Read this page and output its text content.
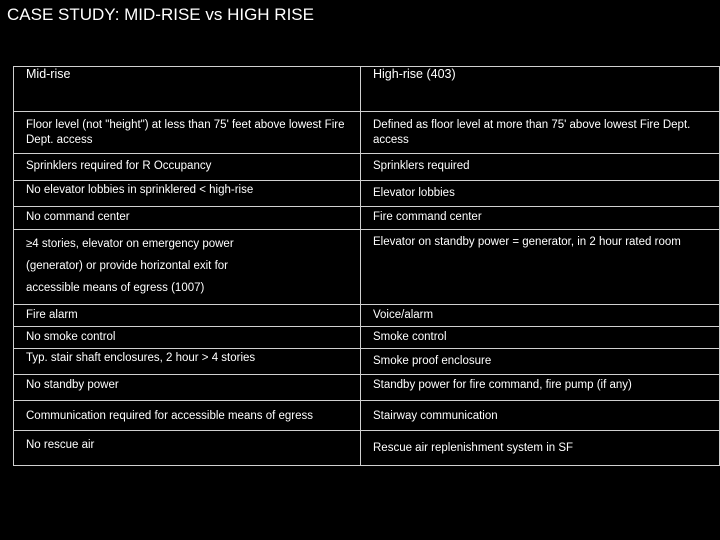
CASE STUDY: MID-RISE vs HIGH RISE
Mid-rise	High-rise (403)
Floor level (not "height") at less than 75' feet above lowest Fire Dept. access	Defined as floor level at more than 75' above lowest Fire Dept. access
Sprinklers required for R Occupancy	Sprinklers required
No elevator lobbies in sprinklered < high-rise	Elevator lobbies
No command center	Fire command center

≥4 stories, elevator on emergency power
(generator) or provide horizontal exit for
accessible means of egress (1007)	Elevator on standby power = generator, in 2 hour rated room
Fire alarm	Voice/alarm
No smoke control	Smoke control
Typ. stair shaft enclosures, 2 hour > 4 stories	Smoke proof enclosure
No standby power	Standby power for fire command, fire pump (if any)
Communication required for accessible means of egress	Stairway communication
No rescue air	Rescue air replenishment system in SF
